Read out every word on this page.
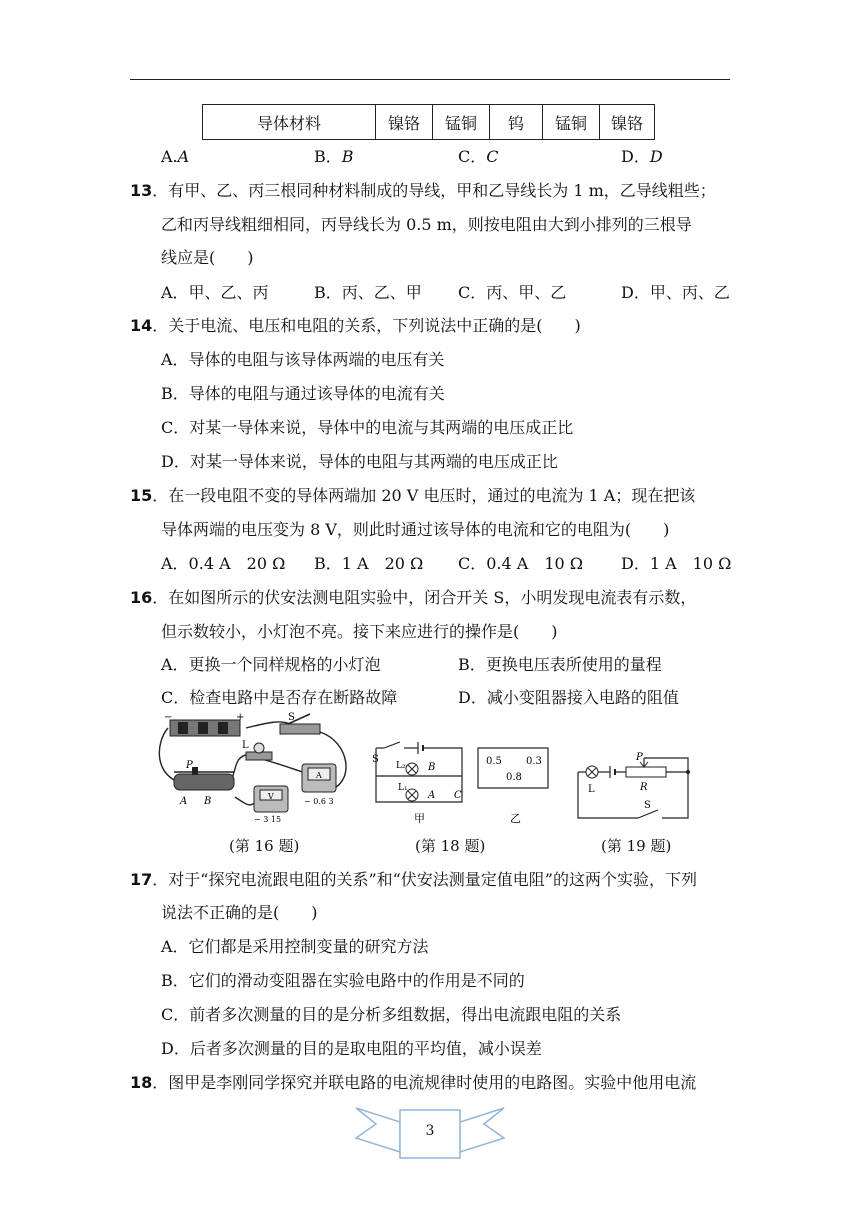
导体材料	镍铬	锰铜	钨	锰铜	镍铬
A.A	B．B	C．C	D．D
13．有甲、乙、丙三根同种材料制成的导线，甲和乙导线长为 1 m，乙导线粗些；
乙和丙导线粗细相同，丙导线长为 0.5 m，则按电阻由大到小排列的三根导
线应是(　　)
A．甲、乙、丙	B．丙、乙、甲 C．丙、甲、乙	D．甲、丙、乙
14．关于电流、电压和电阻的关系，下列说法中正确的是(　　)
A．导体的电阻与该导体两端的电压有关
B．导体的电阻与通过该导体的电流有关
C．对某一导体来说，导体中的电流与其两端的电压成正比
D．对某一导体来说，导体的电阻与其两端的电压成正比
15．在一段电阻不变的导体两端加 20 V 电压时，通过的电流为 1 A；现在把该
导体两端的电压变为 8 V，则此时通过该导体的电流和它的电阻为(　　)
A．0.4 A　20 Ω B．1 A　20 Ω C．0.4 A　10 Ω D．1 A　10 Ω
16．在如图所示的伏安法测电阻实验中，闭合开关 S，小明发现电流表有示数，
但示数较小，小灯泡不亮。接下来应进行的操作是(　　)
A．更换一个同样规格的小灯泡	B．更换电压表所使用的量程
C．检查电路中是否存在断路故障	D．减小变阻器接入电路的阻值
−	+	S
L
P
A B
A
− 0.6 3
V
− 3 15
S
L₂ B
L₁
A C
甲
0.5 0.3
0.8
乙
P
L	R
S
(第 16 题)	(第 18 题)	(第 19 题)
17．对于“探究电流跟电阻的关系”和“伏安法测量定值电阻”的这两个实验，下列
说法不正确的是(　　)
A．它们都是采用控制变量的研究方法
B．它们的滑动变阻器在实验电路中的作用是不同的
C．前者多次测量的目的是分析多组数据，得出电流跟电阻的关系
D．后者多次测量的目的是取电阻的平均值，减小误差
18．图甲是李刚同学探究并联电路的电流规律时使用的电路图。实验中他用电流
3
